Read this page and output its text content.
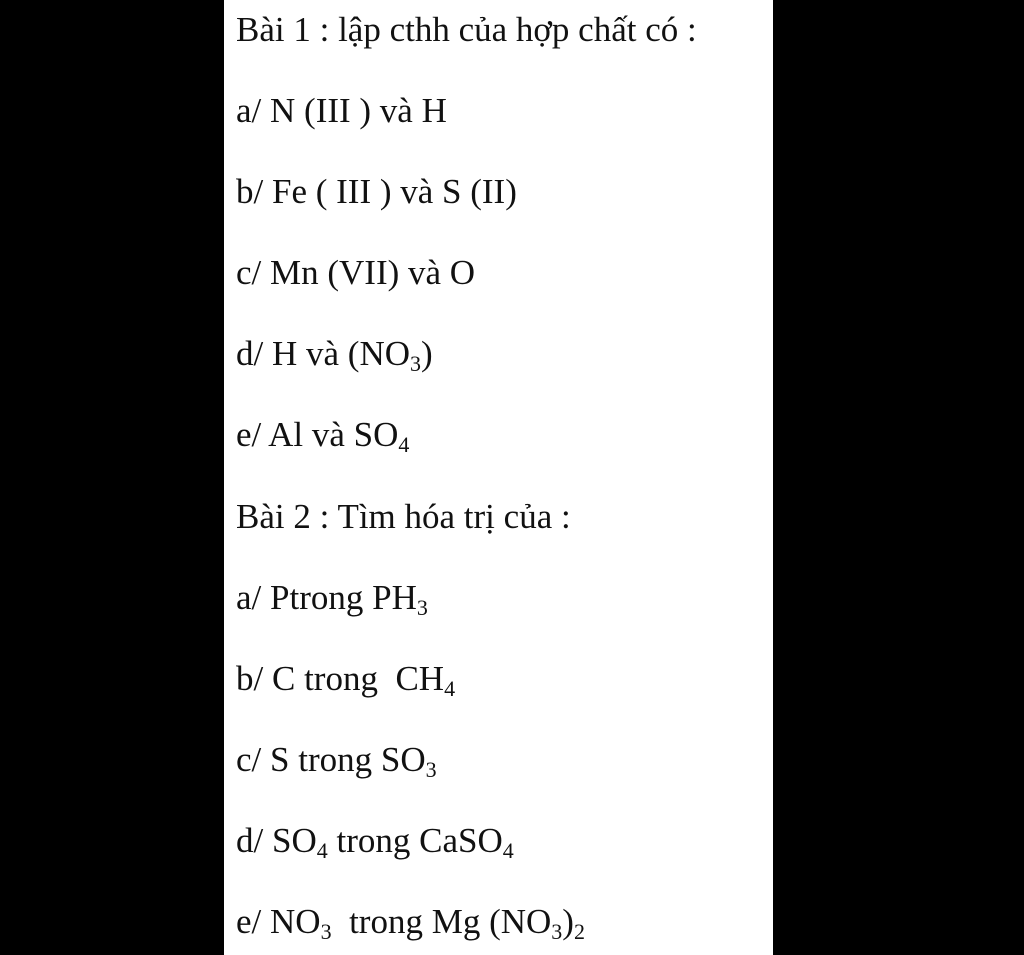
Bài 1 : lập cthh của hợp chất có :

a/ N (III ) và H

b/ Fe ( III ) và S (II)

c/ Mn (VII) và O

d/ H và $(NO_3)$

e/ Al và $SO_4$

Bài 2 : Tìm hóa trị của :

a/ Ptrong $PH_3$

b/ C trong  $CH_4$

c/ S trong $SO_3$

d/ $SO_4$ trong CaSO$_4$

e/ $NO_3$  trong Mg $(NO_3)_2$
